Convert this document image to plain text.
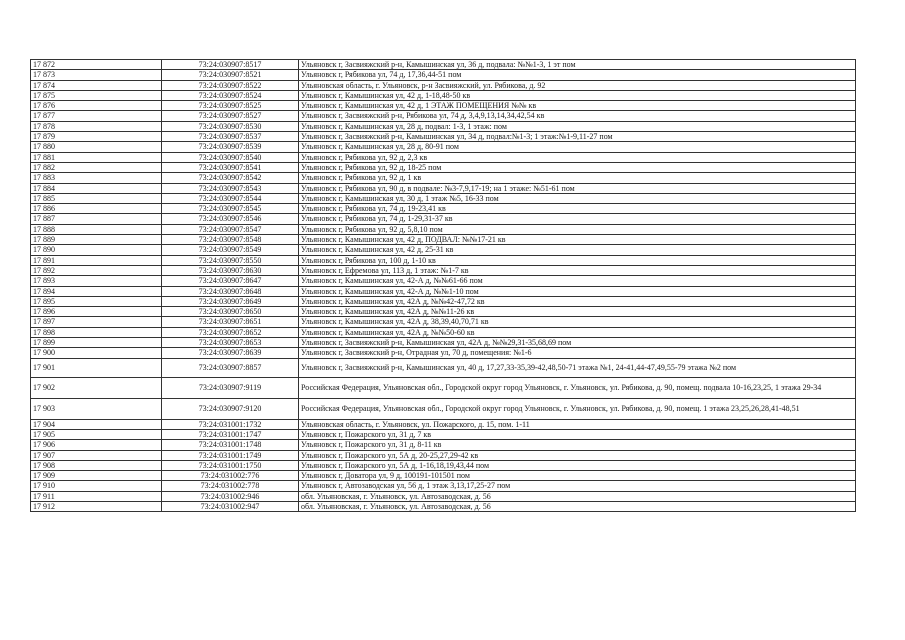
17 872	73:24:030907:8517	Ульяновск г, Засвияжский р-н, Камышинская ул, 36 д, подвала: №№1-3, 1 эт пом
17 873	73:24:030907:8521	Ульяновск г, Рябикова ул, 74 д, 17,36,44-51 пом
17 874	73:24:030907:8522	Ульяновская область, г. Ульяновск, р-н Засвияжский, ул. Рябикова, д. 92
17 875	73:24:030907:8524	Ульяновск г, Камышинская ул, 42 д, 1-18,48-50 кв
17 876	73:24:030907:8525	Ульяновск г, Камышинская ул, 42 д, 1 ЭТАЖ ПОМЕЩЕНИЯ №№ кв
17 877	73:24:030907:8527	Ульяновск г, Засвияжский р-н, Рябикова ул, 74 д, 3,4,9,13,14,34,42,54 кв
17 878	73:24:030907:8530	Ульяновск г, Камышинская ул, 28 д, подвал: 1-3, 1 этаж: пом
17 879	73:24:030907:8537	Ульяновск г, Засвияжский р-н, Камышинская ул, 34 д, подвал:№1-3; 1 этаж:№1-9,11-27 пом
17 880	73:24:030907:8539	Ульяновск г, Камышинская ул, 28 д, 80-91 пом
17 881	73:24:030907:8540	Ульяновск г, Рябикова ул, 92 д, 2,3 кв
17 882	73:24:030907:8541	Ульяновск г, Рябикова ул, 92 д, 18-25 пом
17 883	73:24:030907:8542	Ульяновск г, Рябикова ул, 92 д, 1 кв
17 884	73:24:030907:8543	Ульяновск г, Рябикова ул, 90 д, в подвале: №3-7,9,17-19; на 1 этаже: №51-61 пом
17 885	73:24:030907:8544	Ульяновск г, Камышинская ул, 30 д, 1 этаж №5, 16-33 пом
17 886	73:24:030907:8545	Ульяновск г, Рябикова ул, 74 д, 19-23,41 кв
17 887	73:24:030907:8546	Ульяновск г, Рябикова ул, 74 д, 1-29,31-37 кв
17 888	73:24:030907:8547	Ульяновск г, Рябикова ул, 92 д, 5,8,10 пом
17 889	73:24:030907:8548	Ульяновск г, Камышинская ул, 42 д, ПОДВАЛ: №№17-21 кв
17 890	73:24:030907:8549	Ульяновск г, Камышинская ул, 42 д, 25-31 кв
17 891	73:24:030907:8550	Ульяновск г, Рябикова ул, 100 д, 1-10 кв
17 892	73:24:030907:8630	Ульяновск г, Ефремова ул, 113 д, 1 этаж: №1-7 кв
17 893	73:24:030907:8647	Ульяновск г, Камышинская ул, 42-А д, №№61-66 пом
17 894	73:24:030907:8648	Ульяновск г, Камышинская ул, 42-А д, №№1-10 пом
17 895	73:24:030907:8649	Ульяновск г, Камышинская ул, 42А д, №№42-47,72 кв
17 896	73:24:030907:8650	Ульяновск г, Камышинская ул, 42А д, №№11-26 кв
17 897	73:24:030907:8651	Ульяновск г, Камышинская ул, 42А д, 38,39,40,70,71 кв
17 898	73:24:030907:8652	Ульяновск г, Камышинская ул, 42А д, №№50-60 кв
17 899	73:24:030907:8653	Ульяновск г, Засвияжский р-н, Камышинская ул, 42А д, №№29,31-35,68,69 пом
17 900	73:24:030907:8639	Ульяновск г, Засвияжский р-н, Отрадная ул, 70 д, помещения: №1-6
17 901	73:24:030907:8857	Ульяновск г, Засвияжский р-н, Камышинская ул, 40 д, 17,27,33-35,39-42,48,50-71 этажа №1, 24-41,44-47,49,55-79 этажа №2 пом
17 902	73:24:030907:9119	Российская Федерация, Ульяновская обл., Городской округ город Ульяновск, г. Ульяновск, ул. Рябикова, д. 90, помещ. подвала 10-16,23,25, 1 этажа 29-34
17 903	73:24:030907:9120	Российская Федерация, Ульяновская обл., Городской округ город Ульяновск, г. Ульяновск, ул. Рябикова, д. 90, помещ. 1 этажа 23,25,26,28,41-48,51
17 904	73:24:031001:1732	Ульяновская область, г. Ульяновск, ул. Пожарского, д. 15, пом. 1-11
17 905	73:24:031001:1747	Ульяновск г, Пожарского ул, 31 д, 7 кв
17 906	73:24:031001:1748	Ульяновск г, Пожарского ул, 31 д, 8-11 кв
17 907	73:24:031001:1749	Ульяновск г, Пожарского ул, 5А д, 20-25,27,29-42 кв
17 908	73:24:031001:1750	Ульяновск г, Пожарского ул, 5А д, 1-16,18,19,43,44 пом
17 909	73:24:031002:776	Ульяновск г, Доватора ул, 9 д, 100191-101501 пом
17 910	73:24:031002:778	Ульяновск г, Автозаводская ул, 56 д, 1 этаж 3,13,17,25-27 пом
17 911	73:24:031002:946	обл. Ульяновская, г. Ульяновск, ул. Автозаводская, д. 56
17 912	73:24:031002:947	обл. Ульяновская, г. Ульяновск, ул. Автозаводская, д. 56
